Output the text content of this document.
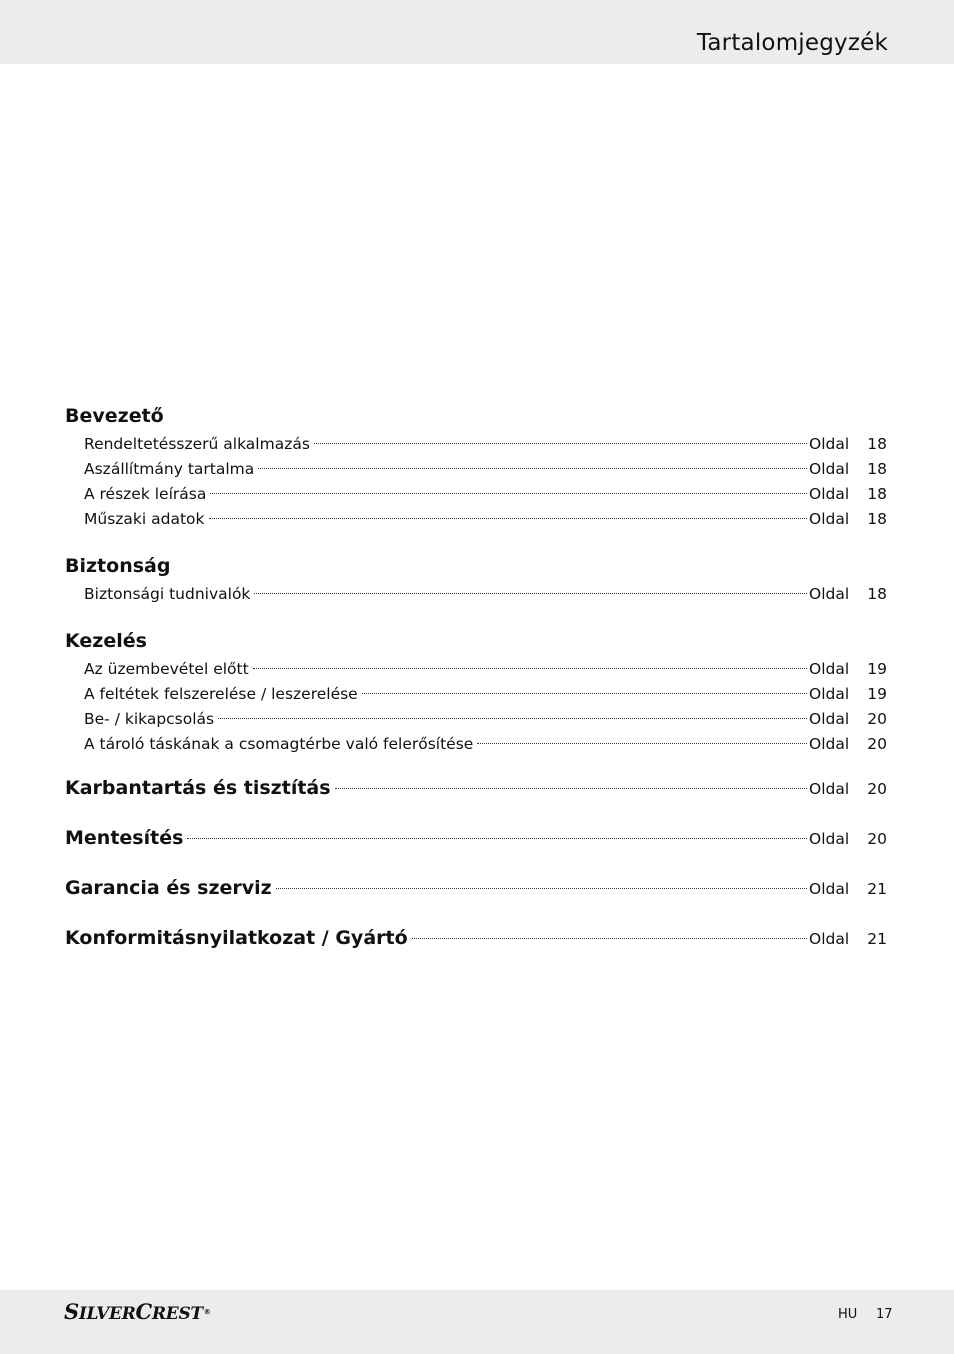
Tartalomjegyzék
Bevezető
Rendeltetésszerű alkalmazás	Oldal	18
Aszállítmány tartalma	Oldal	18
A részek leírása	Oldal	18
Műszaki adatok	Oldal	18
Biztonság
Biztonsági tudnivalók	Oldal	18
Kezelés
Az üzembevétel előtt	Oldal	19
A feltétek felszerelése / leszerelése	Oldal	19
Be- / kikapcsolás	Oldal	20
A tároló táskának a csomagtérbe való felerősítése	Oldal	20
Karbantartás és tisztítás	Oldal	20
Mentesítés	Oldal	20
Garancia és szerviz	Oldal	21
Konformitásnyilatkozat / Gyártó	Oldal	21
SILVERCREST®	HU 17
